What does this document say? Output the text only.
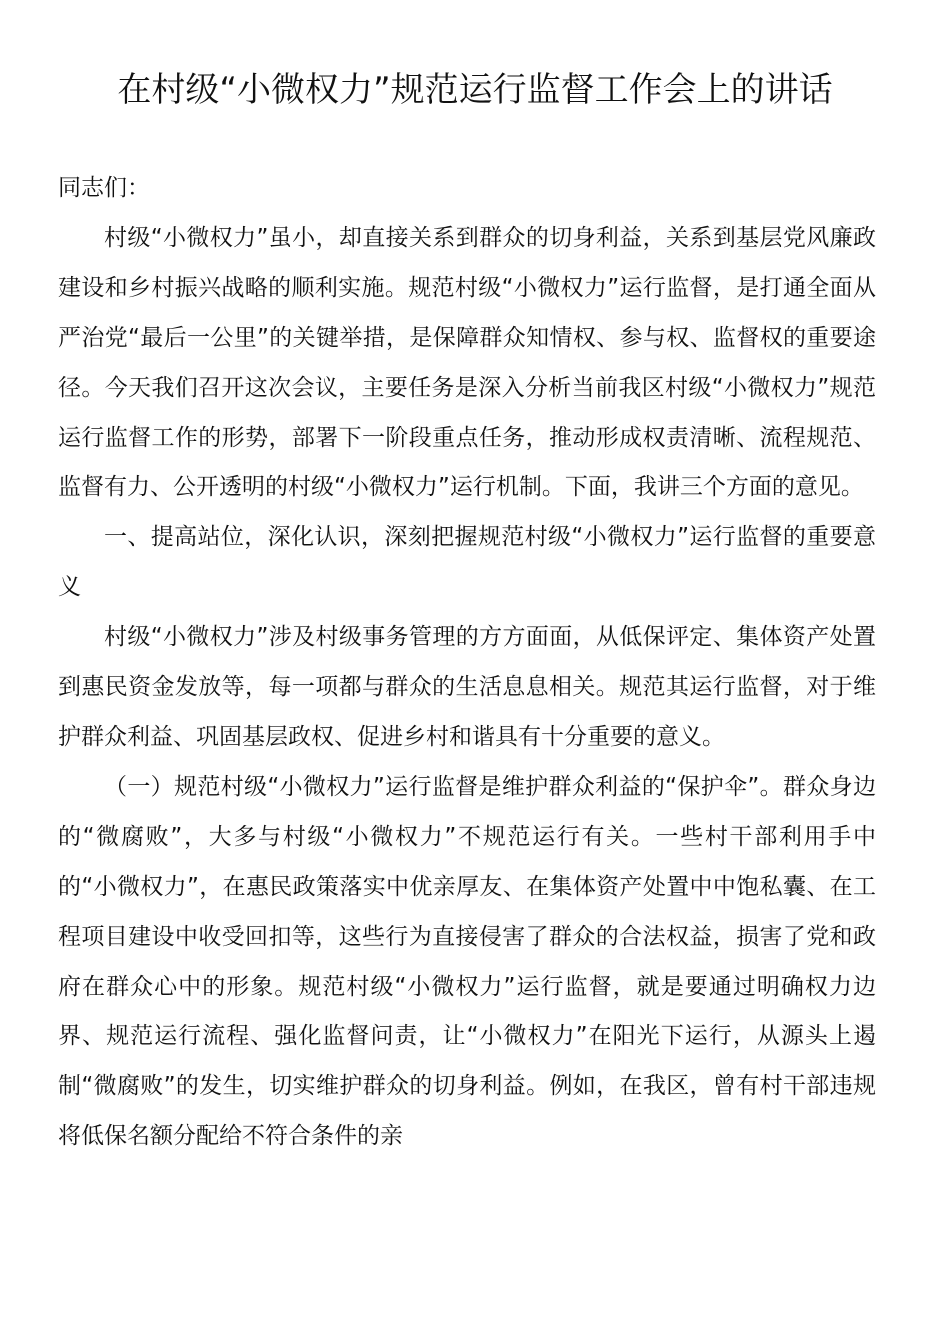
在村级“小微权力”规范运行监督工作会上的讲话

同志们：

村级“小微权力”虽小，却直接关系到群众的切身利益，关系到基层党风廉政建设和乡村振兴战略的顺利实施。规范村级“小微权力”运行监督，是打通全面从严治党“最后一公里”的关键举措，是保障群众知情权、参与权、监督权的重要途径。今天我们召开这次会议，主要任务是深入分析当前我区村级“小微权力”规范运行监督工作的形势，部署下一阶段重点任务，推动形成权责清晰、流程规范、监督有力、公开透明的村级“小微权力”运行机制。下面，我讲三个方面的意见。

一、提高站位，深化认识，深刻把握规范村级“小微权力”运行监督的重要意义

村级“小微权力”涉及村级事务管理的方方面面，从低保评定、集体资产处置到惠民资金发放等，每一项都与群众的生活息息相关。规范其运行监督，对于维护群众利益、巩固基层政权、促进乡村和谐具有十分重要的意义。

（一）规范村级“小微权力”运行监督是维护群众利益的“保护伞”。群众身边的“微腐败”，大多与村级“小微权力”不规范运行有关。一些村干部利用手中的“小微权力”，在惠民政策落实中优亲厚友、在集体资产处置中中饱私囊、在工程项目建设中收受回扣等，这些行为直接侵害了群众的合法权益，损害了党和政府在群众心中的形象。规范村级“小微权力”运行监督，就是要通过明确权力边界、规范运行流程、强化监督问责，让“小微权力”在阳光下运行，从源头上遏制“微腐败”的发生，切实维护群众的切身利益。例如，在我区，曾有村干部违规将低保名额分配给不符合条件的亲
